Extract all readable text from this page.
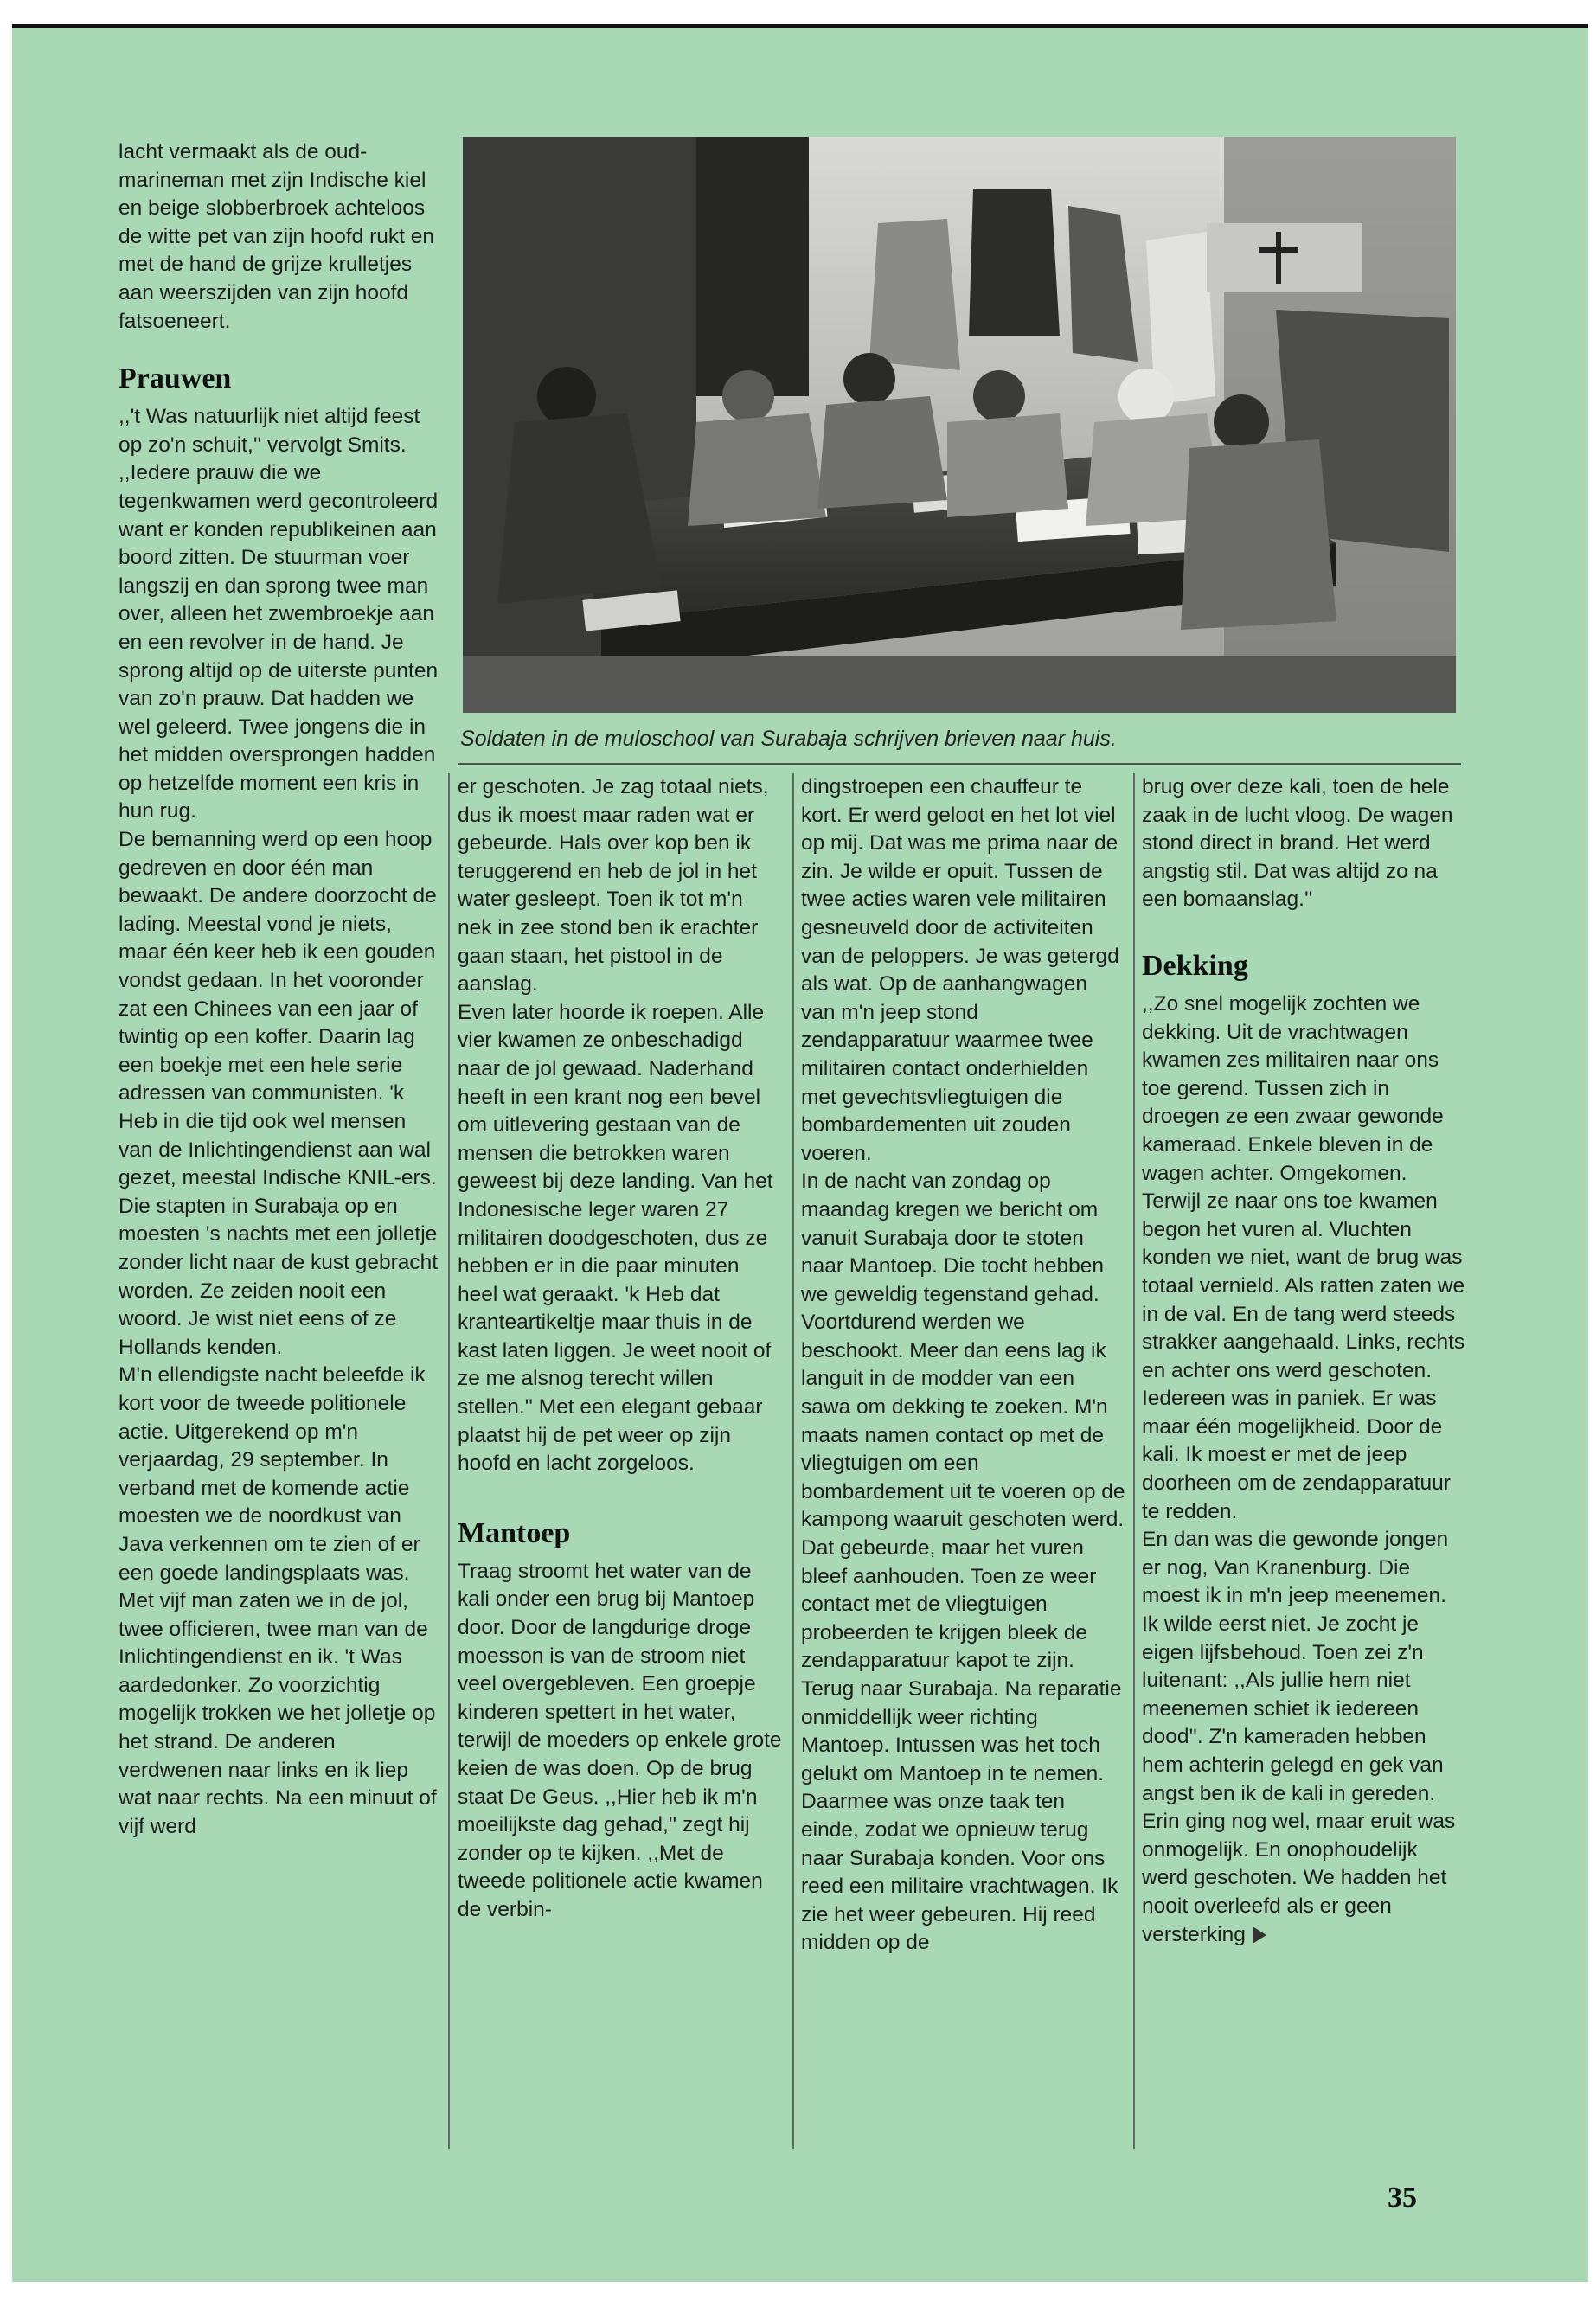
lacht vermaakt als de oud-marineman met zijn Indische kiel en beige slobberbroek achteloos de witte pet van zijn hoofd rukt en met de hand de grijze krulletjes aan weerszijden van zijn hoofd fatsoeneert.

Prauwen

,,'t Was natuurlijk niet altijd feest op zo'n schuit,'' vervolgt Smits. ,,Iedere prauw die we tegenkwamen werd gecontroleerd want er konden republikeinen aan boord zitten. De stuurman voer langszij en dan sprong twee man over, alleen het zwembroekje aan en een revolver in de hand. Je sprong altijd op de uiterste punten van zo'n prauw. Dat hadden we wel geleerd. Twee jongens die in het midden oversprongen hadden op hetzelfde moment een kris in hun rug.

De bemanning werd op een hoop gedreven en door één man bewaakt. De andere doorzocht de lading. Meestal vond je niets, maar één keer heb ik een gouden vondst gedaan. In het vooronder zat een Chinees van een jaar of twintig op een koffer. Daarin lag een boekje met een hele serie adressen van communisten. 'k Heb in die tijd ook wel mensen van de Inlichtingendienst aan wal gezet, meestal Indische KNIL-ers. Die stapten in Surabaja op en moesten 's nachts met een jolletje zonder licht naar de kust gebracht worden. Ze zeiden nooit een woord. Je wist niet eens of ze Hollands kenden.

M'n ellendigste nacht beleefde ik kort voor de tweede politionele actie. Uitgerekend op m'n verjaardag, 29 september. In verband met de komende actie moesten we de noordkust van Java verkennen om te zien of er een goede landingsplaats was. Met vijf man zaten we in de jol, twee officieren, twee man van de Inlichtingendienst en ik. 't Was aardedonker. Zo voorzichtig mogelijk trokken we het jolletje op het strand. De anderen verdwenen naar links en ik liep wat naar rechts. Na een minuut of vijf werd

Soldaten in de muloschool van Surabaja schrijven brieven naar huis.

er geschoten. Je zag totaal niets, dus ik moest maar raden wat er gebeurde. Hals over kop ben ik teruggerend en heb de jol in het water gesleept. Toen ik tot m'n nek in zee stond ben ik erachter gaan staan, het pistool in de aanslag.

Even later hoorde ik roepen. Alle vier kwamen ze onbeschadigd naar de jol gewaad. Naderhand heeft in een krant nog een bevel om uitlevering gestaan van de mensen die betrokken waren geweest bij deze landing. Van het Indonesische leger waren 27 militairen doodgeschoten, dus ze hebben er in die paar minuten heel wat geraakt. 'k Heb dat kranteartikeltje maar thuis in de kast laten liggen. Je weet nooit of ze me alsnog terecht willen stellen.'' Met een elegant gebaar plaatst hij de pet weer op zijn hoofd en lacht zorgeloos.

Mantoep

Traag stroomt het water van de kali onder een brug bij Mantoep door. Door de langdurige droge moesson is van de stroom niet veel overgebleven. Een groepje kinderen spettert in het water, terwijl de moeders op enkele grote keien de was doen. Op de brug staat De Geus. ,,Hier heb ik m'n moeilijkste dag gehad,'' zegt hij zonder op te kijken. ,,Met de tweede politionele actie kwamen de verbin-

dingstroepen een chauffeur te kort. Er werd geloot en het lot viel op mij. Dat was me prima naar de zin. Je wilde er opuit. Tussen de twee acties waren vele militairen gesneuveld door de activiteiten van de peloppers. Je was getergd als wat. Op de aanhangwagen van m'n jeep stond zendapparatuur waarmee twee militairen contact onderhielden met gevechtsvliegtuigen die bombardementen uit zouden voeren.

In de nacht van zondag op maandag kregen we bericht om vanuit Surabaja door te stoten naar Mantoep. Die tocht hebben we geweldig tegenstand gehad. Voortdurend werden we beschookt. Meer dan eens lag ik languit in de modder van een sawa om dekking te zoeken. M'n maats namen contact op met de vliegtuigen om een bombardement uit te voeren op de kampong waaruit geschoten werd. Dat gebeurde, maar het vuren bleef aanhouden. Toen ze weer contact met de vliegtuigen probeerden te krijgen bleek de zendapparatuur kapot te zijn. Terug naar Surabaja. Na reparatie onmiddellijk weer richting Mantoep. Intussen was het toch gelukt om Mantoep in te nemen. Daarmee was onze taak ten einde, zodat we opnieuw terug naar Surabaja konden. Voor ons reed een militaire vrachtwagen. Ik zie het weer gebeuren. Hij reed midden op de

brug over deze kali, toen de hele zaak in de lucht vloog. De wagen stond direct in brand. Het werd angstig stil. Dat was altijd zo na een bomaanslag.''

Dekking

,,Zo snel mogelijk zochten we dekking. Uit de vrachtwagen kwamen zes militairen naar ons toe gerend. Tussen zich in droegen ze een zwaar gewonde kameraad. Enkele bleven in de wagen achter. Omgekomen. Terwijl ze naar ons toe kwamen begon het vuren al. Vluchten konden we niet, want de brug was totaal vernield. Als ratten zaten we in de val. En de tang werd steeds strakker aangehaald. Links, rechts en achter ons werd geschoten. Iedereen was in paniek. Er was maar één mogelijkheid. Door de kali. Ik moest er met de jeep doorheen om de zendapparatuur te redden.

En dan was die gewonde jongen er nog, Van Kranenburg. Die moest ik in m'n jeep meenemen. Ik wilde eerst niet. Je zocht je eigen lijfsbehoud. Toen zei z'n luitenant: ,,Als jullie hem niet meenemen schiet ik iedereen dood''. Z'n kameraden hebben hem achterin gelegd en gek van angst ben ik de kali in gereden. Erin ging nog wel, maar eruit was onmogelijk. En onophoudelijk werd geschoten. We hadden het nooit overleefd als er geen versterking

35
